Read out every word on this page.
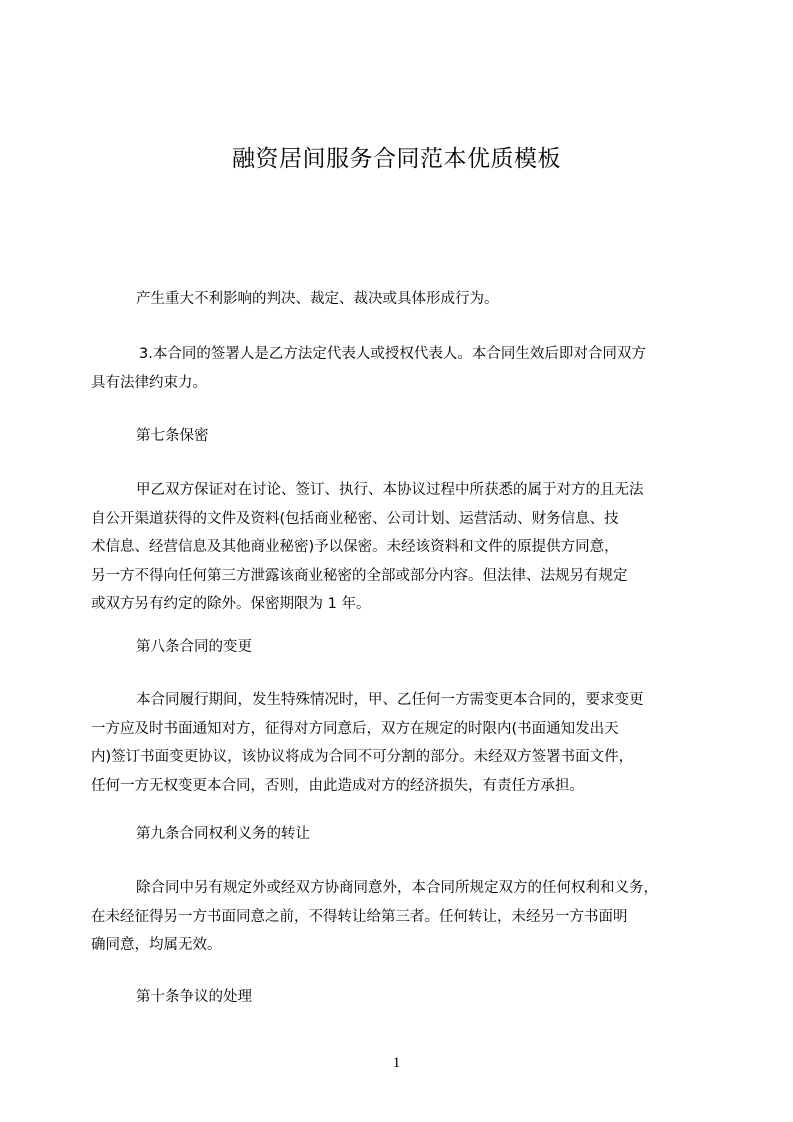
融资居间服务合同范本优质模板
产生重大不利影响的判决、裁定、裁决或具体形成行为。
3.本合同的签署人是乙方法定代表人或授权代表人。本合同生效后即对合同双方
具有法律约束力。
第七条保密
甲乙双方保证对在讨论、签订、执行、本协议过程中所获悉的属于对方的且无法
自公开渠道获得的文件及资料(包括商业秘密、公司计划、运营活动、财务信息、技
术信息、经营信息及其他商业秘密)予以保密。未经该资料和文件的原提供方同意，
另一方不得向任何第三方泄露该商业秘密的全部或部分内容。但法律、法规另有规定
或双方另有约定的除外。保密期限为 1 年。
第八条合同的变更
本合同履行期间，发生特殊情况时，甲、乙任何一方需变更本合同的，要求变更
一方应及时书面通知对方，征得对方同意后，双方在规定的时限内(书面通知发出天
内)签订书面变更协议，该协议将成为合同不可分割的部分。未经双方签署书面文件，
任何一方无权变更本合同，否则，由此造成对方的经济损失，有责任方承担。
第九条合同权利义务的转让
除合同中另有规定外或经双方协商同意外，本合同所规定双方的任何权利和义务，
在未经征得另一方书面同意之前，不得转让给第三者。任何转让，未经另一方书面明
确同意，均属无效。
第十条争议的处理
1
